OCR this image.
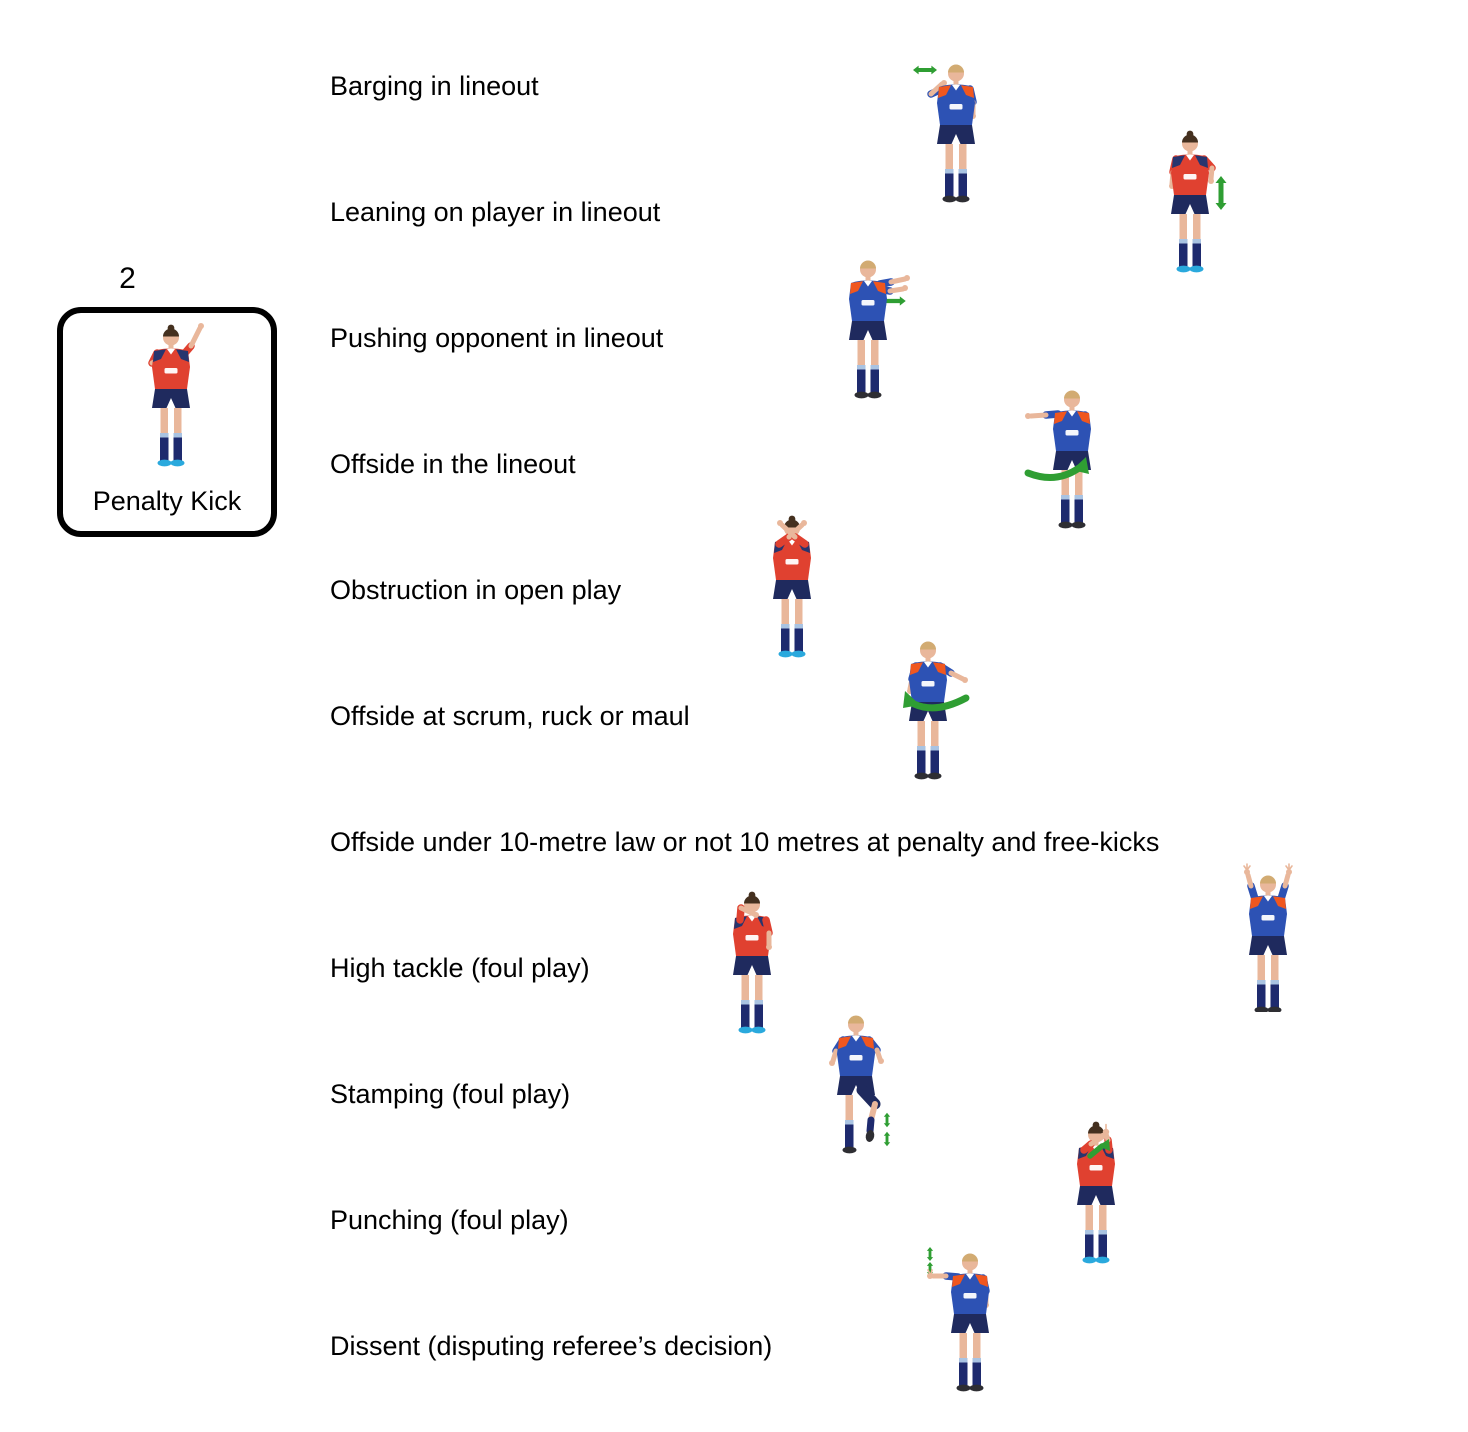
2
Penalty Kick
Barging in lineout
Leaning on player in lineout
Pushing opponent in lineout
Offside in the lineout
Obstruction in open play
Offside at scrum, ruck or maul
Offside under 10-metre law or not 10 metres at penalty and free-kicks
High tackle (foul play)
Stamping (foul play)
Punching (foul play)
Dissent (disputing referee’s decision)
